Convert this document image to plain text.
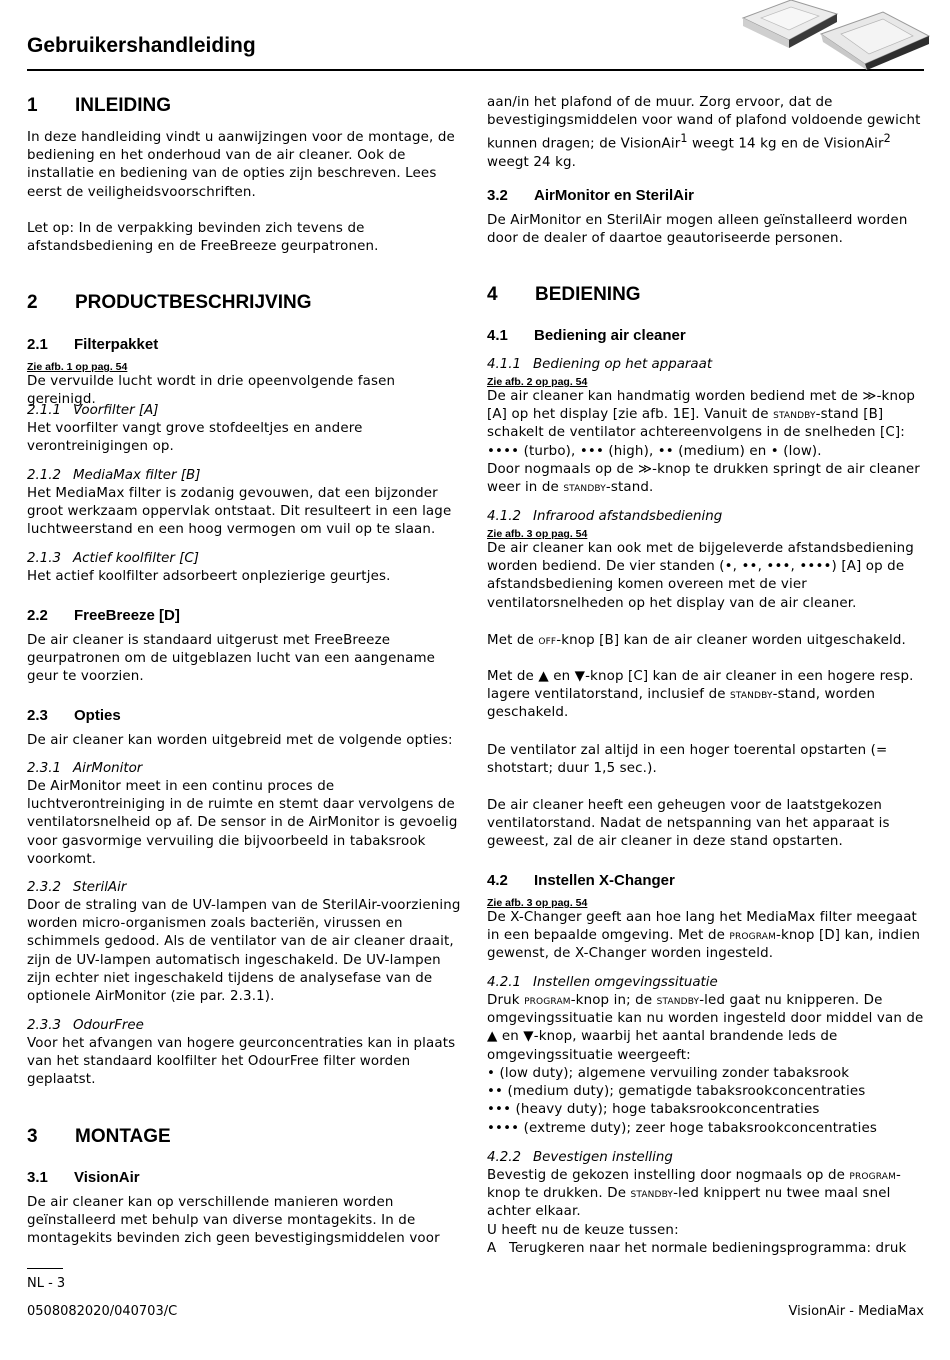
Gebruikershandleiding
1 INLEIDING
In deze handleiding vindt u aanwijzingen voor de montage, de bediening en het onderhoud van de air cleaner. Ook de installatie en bediening van de opties zijn beschreven. Lees eerst de veiligheidsvoorschriften.
Let op: In de verpakking bevinden zich tevens de afstandsbediening en de FreeBreeze geurpatronen.
2 PRODUCTBESCHRIJVING
2.1 Filterpakket
Zie afb. 1 op pag. 54
De vervuilde lucht wordt in drie opeenvolgende fasen gereinigd.
2.1.1 Voorfilter [A]
Het voorfilter vangt grove stofdeeltjes en andere verontreinigingen op.
2.1.2 MediaMax filter [B]
Het MediaMax filter is zodanig gevouwen, dat een bijzonder groot werkzaam oppervlak ontstaat. Dit resulteert in een lage luchtweerstand en een hoog vermogen om vuil op te slaan.
2.1.3 Actief koolfilter [C]
Het actief koolfilter adsorbeert onplezierige geurtjes.
2.2 FreeBreeze [D]
De air cleaner is standaard uitgerust met FreeBreeze geurpatronen om de uitgeblazen lucht van een aangename geur te voorzien.
2.3 Opties
De air cleaner kan worden uitgebreid met de volgende opties:
2.3.1 AirMonitor
De AirMonitor meet in een continu proces de luchtverontreiniging in de ruimte en stemt daar vervolgens de ventilatorsnelheid op af. De sensor in de AirMonitor is gevoelig voor gasvormige vervuiling die bijvoorbeeld in tabaksrook voorkomt.
2.3.2 SterilAir
Door de straling van de UV-lampen van de SterilAir-voorziening worden micro-organismen zoals bacteriën, virussen en schimmels gedood. Als de ventilator van de air cleaner draait, zijn de UV-lampen automatisch ingeschakeld. De UV-lampen zijn echter niet ingeschakeld tijdens de analysefase van de optionele AirMonitor (zie par. 2.3.1).
2.3.3 OdourFree
Voor het afvangen van hogere geurconcentraties kan in plaats van het standaard koolfilter het OdourFree filter worden geplaatst.
3 MONTAGE
3.1 VisionAir
De air cleaner kan op verschillende manieren worden geïnstalleerd met behulp van diverse montagekits. In de montagekits bevinden zich geen bevestigingsmiddelen voor
aan/in het plafond of de muur. Zorg ervoor, dat de bevestigingsmiddelen voor wand of plafond voldoende gewicht kunnen dragen; de VisionAir$^1$ weegt 14 kg en de VisionAir$^2$ weegt 24 kg.
3.2 AirMonitor en SterilAir
De AirMonitor en SterilAir mogen alleen geïnstalleerd worden door de dealer of daartoe geautoriseerde personen.
4 BEDIENING
4.1 Bediening air cleaner
4.1.1 Bediening op het apparaat
Zie afb. 2 op pag. 54
De air cleaner kan handmatig worden bediend met de ≫-knop [A] op het display [zie afb. 1E]. Vanuit de standby-stand [B] schakelt de ventilator achtereenvolgens in de snelheden [C]: •••• (turbo), ••• (high), •• (medium) en • (low).
Door nogmaals op de ≫-knop te drukken springt de air cleaner weer in de standby-stand.
4.1.2 Infrarood afstandsbediening
Zie afb. 3 op pag. 54
De air cleaner kan ook met de bijgeleverde afstandsbediening worden bediend. De vier standen (•, ••, •••, ••••) [A] op de afstandsbediening komen overeen met de vier ventilatorsnelheden op het display van de air cleaner.
Met de off-knop [B] kan de air cleaner worden uitgeschakeld.
Met de ▲ en ▼-knop [C] kan de air cleaner in een hogere resp. lagere ventilatorstand, inclusief de standby-stand, worden geschakeld.
De ventilator zal altijd in een hoger toerental opstarten (= shotstart; duur 1,5 sec.).
De air cleaner heeft een geheugen voor de laatstgekozen ventilatorstand. Nadat de netspanning van het apparaat is geweest, zal de air cleaner in deze stand opstarten.
4.2 Instellen X-Changer
Zie afb. 3 op pag. 54
De X-Changer geeft aan hoe lang het MediaMax filter meegaat in een bepaalde omgeving. Met de program-knop [D] kan, indien gewenst, de X-Changer worden ingesteld.
4.2.1 Instellen omgevingssituatie
Druk program-knop in; de standby-led gaat nu knipperen. De omgevingssituatie kan nu worden ingesteld door middel van de ▲ en ▼-knop, waarbij het aantal brandende leds de omgevingssituatie weergeeft:
• (low duty); algemene vervuiling zonder tabaksrook
•• (medium duty); gematigde tabaksrookconcentraties
••• (heavy duty); hoge tabaksrookconcentraties
•••• (extreme duty); zeer hoge tabaksrookconcentraties
4.2.2 Bevestigen instelling
Bevestig de gekozen instelling door nogmaals op de program-knop te drukken. De standby-led knippert nu twee maal snel achter elkaar.
U heeft nu de keuze tussen:
A Terugkeren naar het normale bedieningsprogramma: druk
NL - 3
0508082020/040703/C	VisionAir - MediaMax
